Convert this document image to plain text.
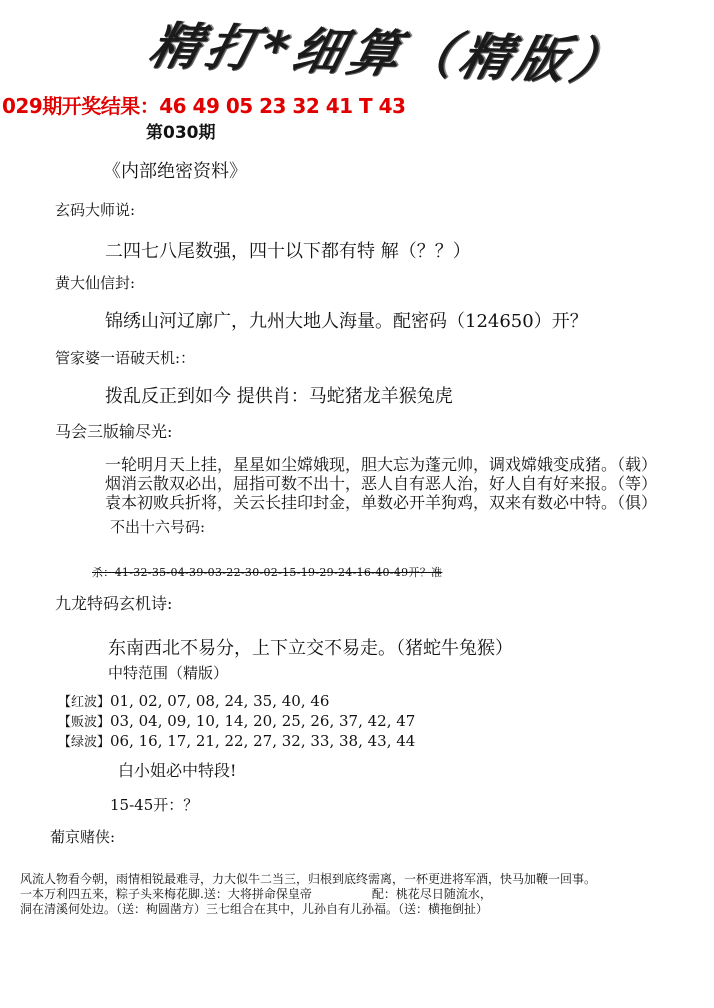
精打*细算（精版）
029期开奖结果：46 49 05 23 32 41 T 43
第030期
《内部绝密资料》
玄码大师说:
二四七八尾数强，四十以下都有特 解（？？）
黄大仙信封:
锦绣山河辽廓广，九州大地人海量。配密码（124650）开？
管家婆一语破天机:：
拨乱反正到如今 提供肖：马蛇猪龙羊猴兔虎
马会三版输尽光:
一轮明月天上挂，星星如尘嫦娥现，胆大忘为蓬元帅，调戏嫦娥变成猪。（载）
烟消云散双必出，屈指可数不出十，恶人自有恶人治，好人自有好来报。（等）
袁本初败兵折将，关云长挂印封金，单数必开羊狗鸡，双来有数必中特。（俱）
不出十六号码:
杀：41-32-35-04-39-03-22-30-02-15-19-29-24-16-40-49开？准
九龙特码玄机诗:
东南西北不易分，上下立交不易走。（猪蛇牛兔猴）
中特范围（精版）
【红波】01, 02, 07, 08, 24, 35, 40, 46
【贩波】03, 04, 09, 10, 14, 20, 25, 26, 37, 42, 47
【绿波】06, 16, 17, 21, 22, 27, 32, 33, 38, 43, 44
白小姐必中特段!
15-45开：？
葡京赌侠:
风流人物看今朝，雨情相锐最难寻，力大似牛二当三，归根到底终需离，一杯更进将军酒，快马加鞭一回事。
一本万利四五来，粽子头来梅花脚.送：大将拼命保皇帝　　　　　配：桃花尽日随流水，
洞在清溪何处边。（送：枸圆凿方）三七组合在其中，儿孙自有儿孙福。（送：横拖倒扯）
